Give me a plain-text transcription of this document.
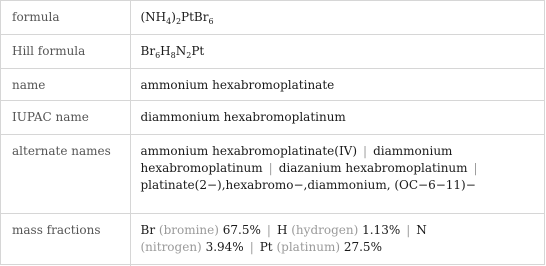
formula	$(NH_4)_2PtBr_6$

Hill formula	$Br_6H_8N_2Pt$

name	ammonium hexabromoplatinate

IUPAC name	diammonium hexabromoplatinum

alternate names	ammonium hexabromoplatinate(IV) | diammonium hexabromoplatinum | diazanium hexabromoplatinum |
platinate(2−),hexabromo−,diammonium, (OC−6−11)−

mass fractions	Br (bromine) 67.5% | H (hydrogen) 1.13% | N
(nitrogen) 3.94% | Pt (platinum) 27.5%
